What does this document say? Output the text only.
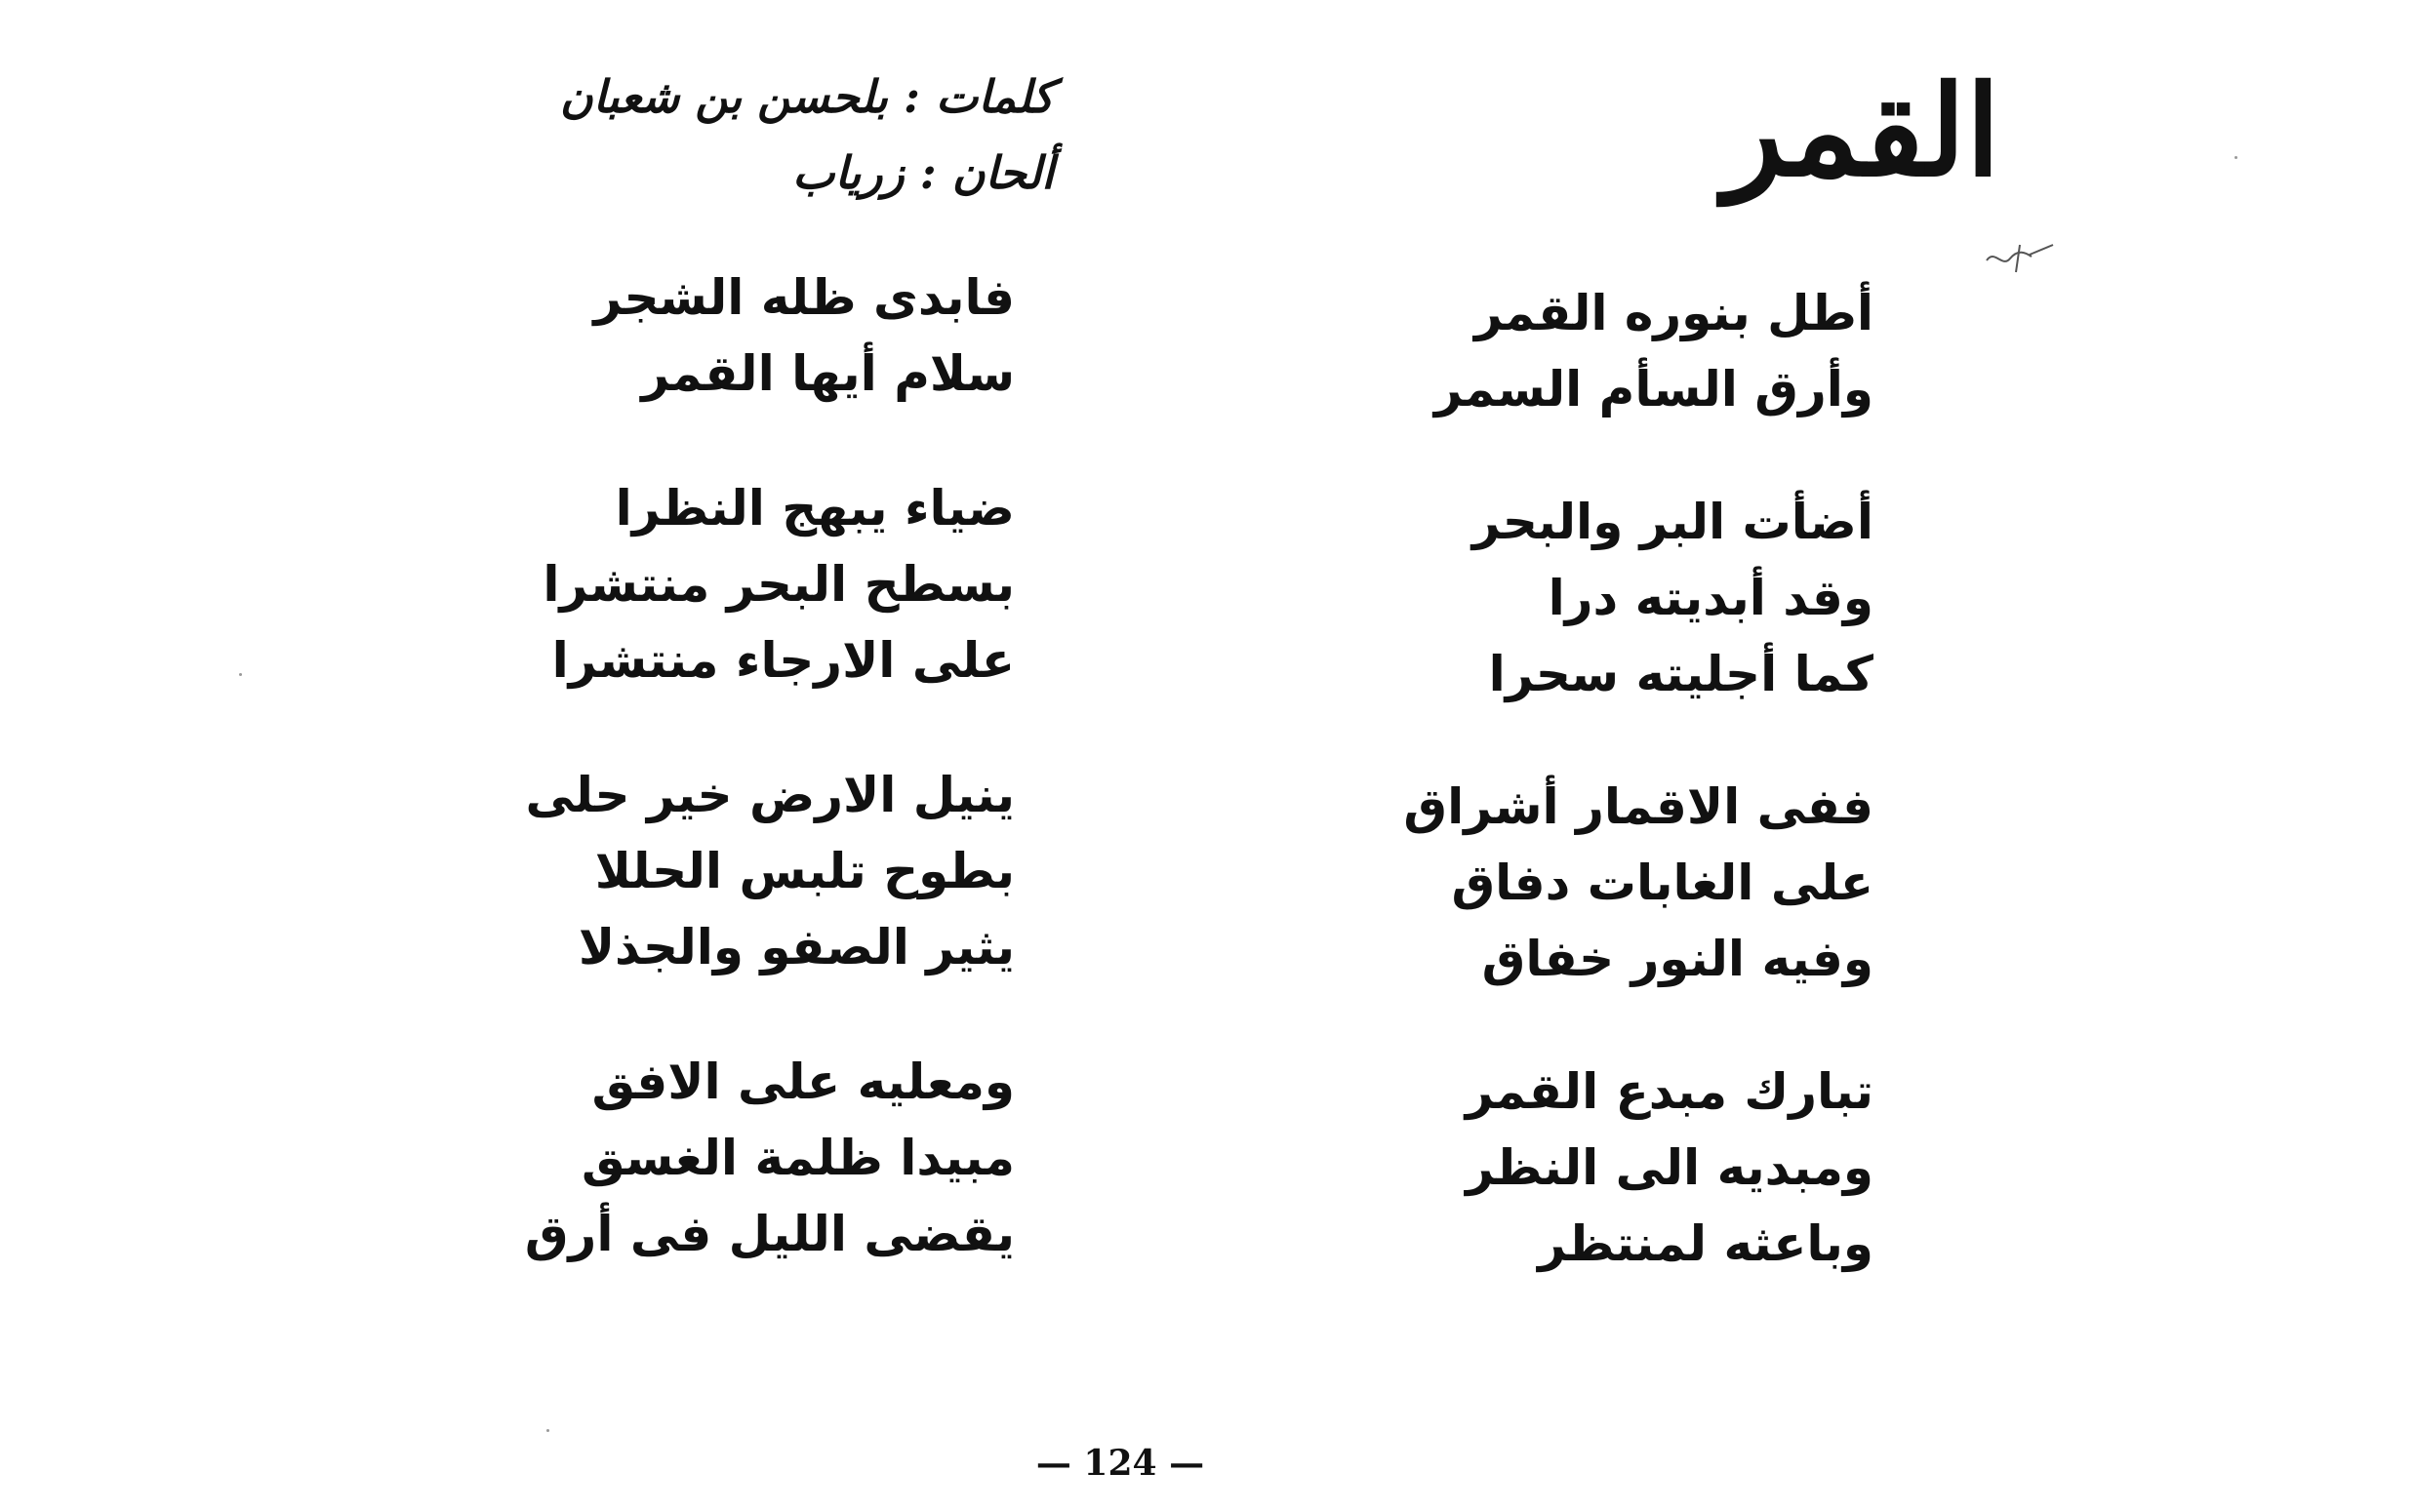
القمر
كلمات : بلحسن بن شعبان
ألحان : زرياب
أطل بنوره القمر
وأرق السأم السمر
أضأت البر والبحر
وقد أبديته درا
كما أجليته سحرا
ففى الاقمار أشراق
على الغابات دفاق
وفيه النور خفاق
تبارك مبدع القمر
ومبديه الى النظر
وباعثه لمنتظر
فابدى ظله الشجر
سلام أيها القمر
ضياء يبهج النظرا
بسطح البحر منتشرا
على الارجاء منتشرا
ينيل الارض خير حلى
بطوح تلبس الحللا
يثير الصفو والجذلا
ومعليه على الافق
مبيدا ظلمة الغسق
يقضى الليل فى أرق
— 124 —
